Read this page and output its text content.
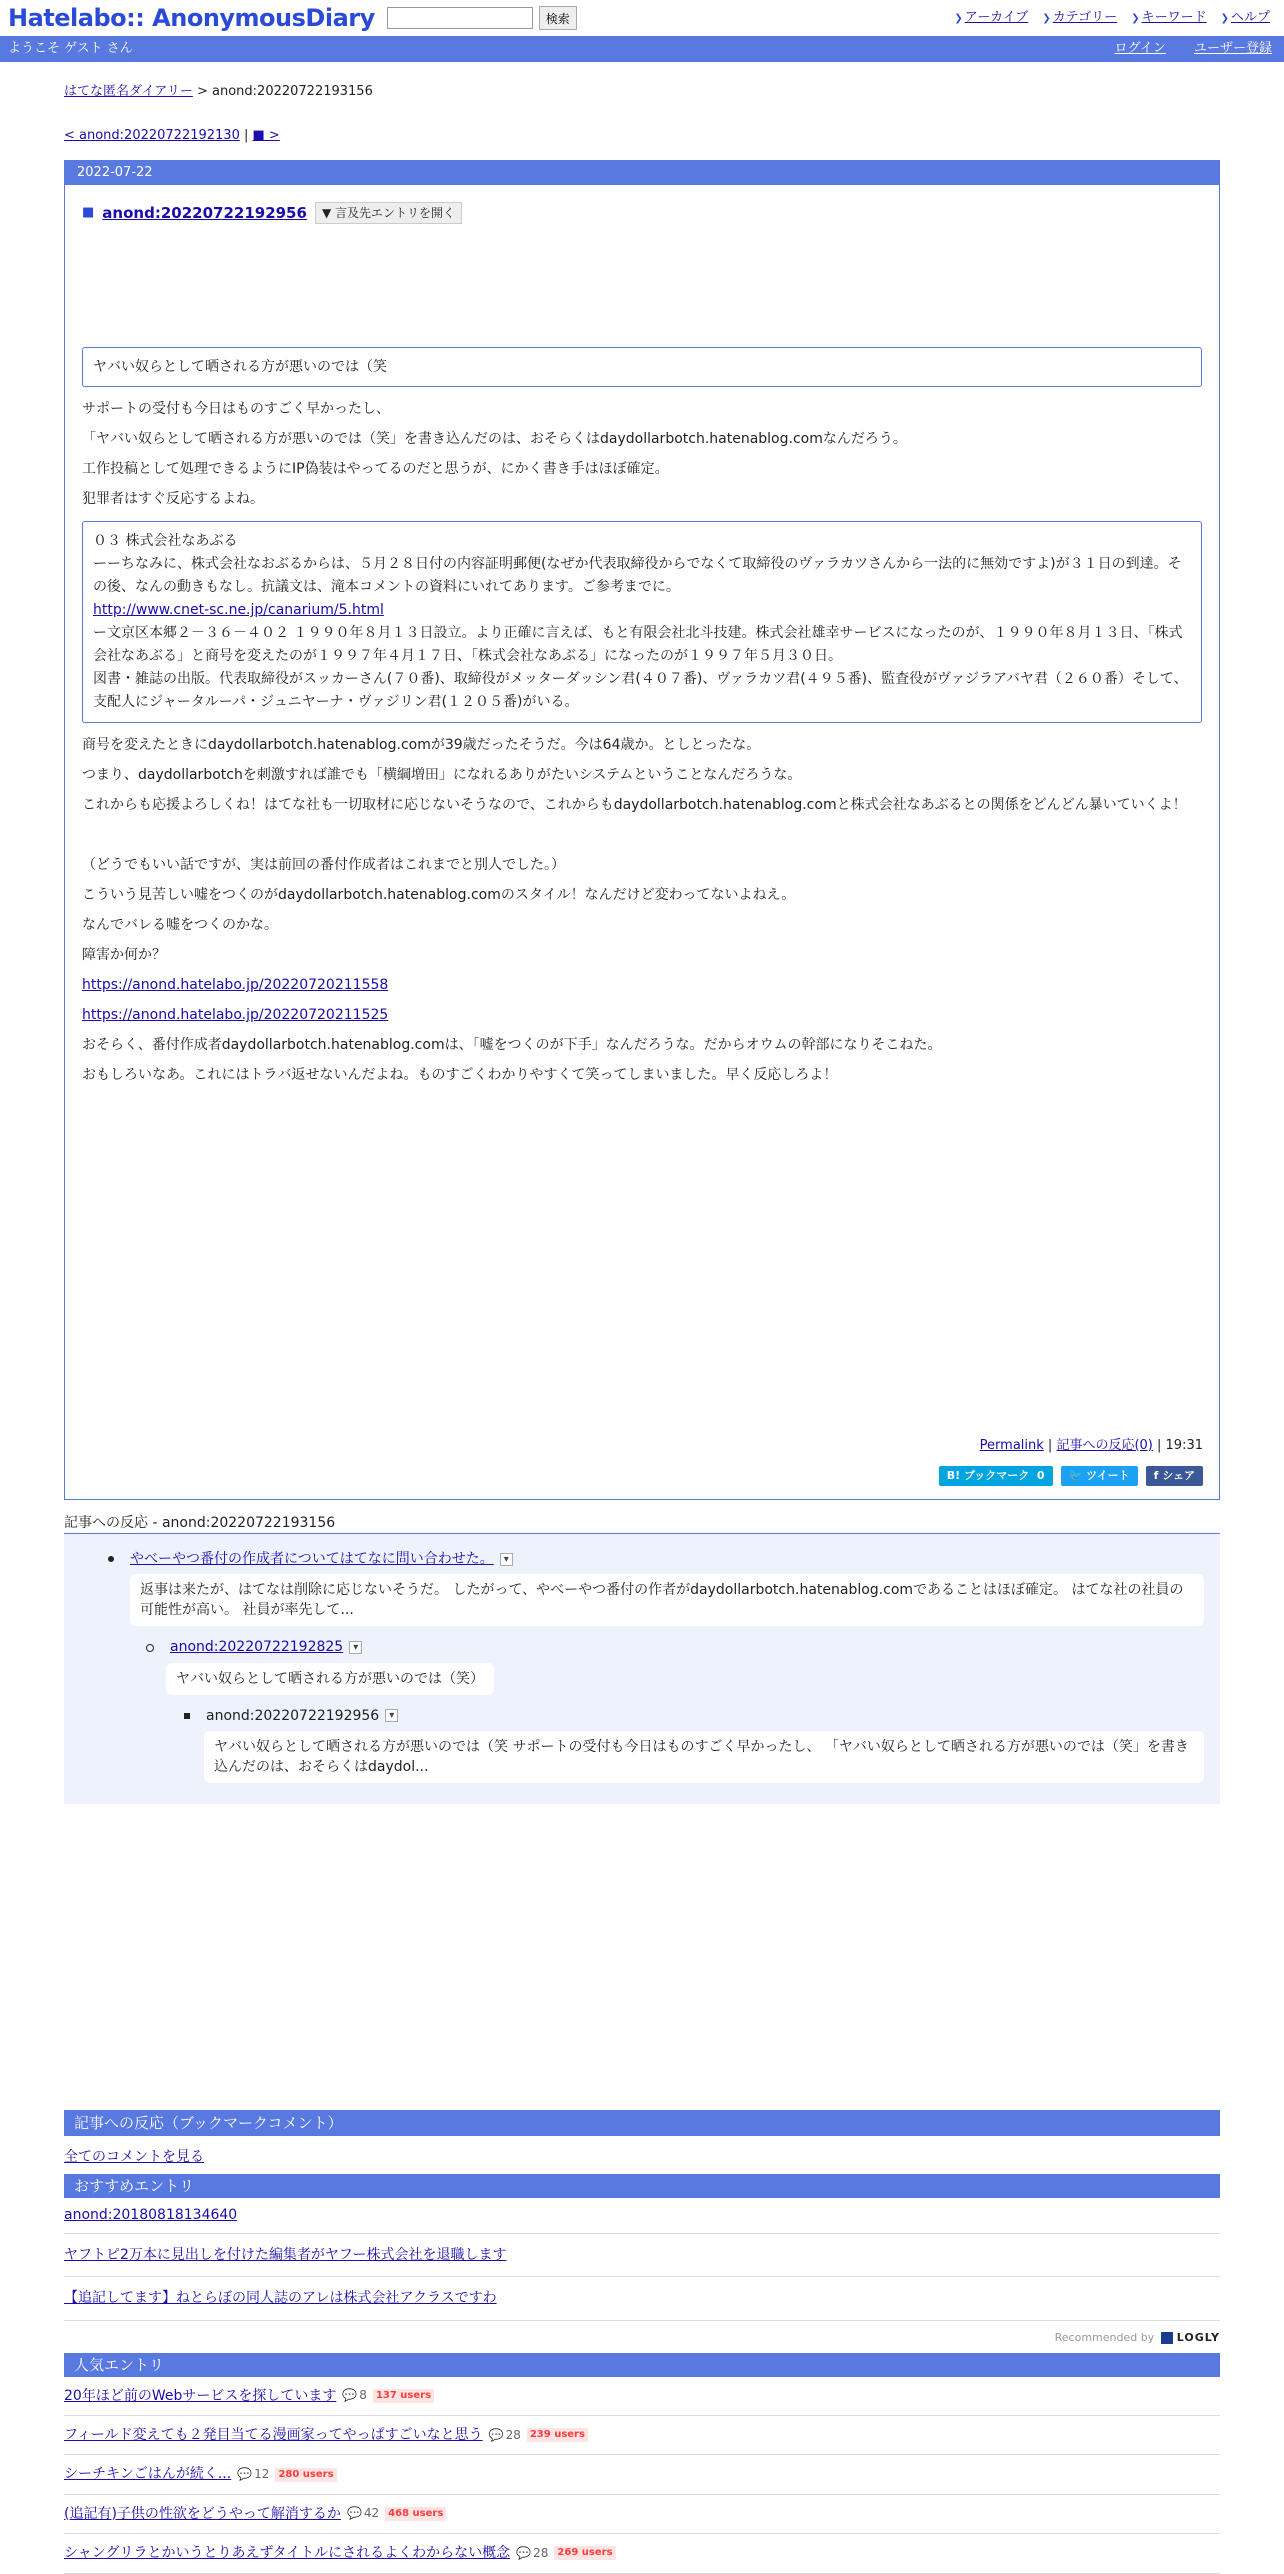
Hatelabo:: AnonymousDiary	検索	❯ アーカイブ ❯ カテゴリー ❯ キーワード ❯ ヘルプ
ようこそ ゲスト さん	ログイン ユーザー登録
はてな匿名ダイアリー > anond:20220722193156
< anond:20220722192130 | ■ >
2022-07-22
■ anond:20220722192956	▼ 言及先エントリを開く
ヤバい奴らとして晒される方が悪いのでは（笑

サポートの受付も今日はものすごく早かったし、

「ヤバい奴らとして晒される方が悪いのでは（笑」を書き込んだのは、おそらくはdaydollarbotch.hatenablog.comなんだろう。

工作投稿として処理できるようにIP偽装はやってるのだと思うが、にかく書き手はほぼ確定。

犯罪者はすぐ反応するよね。

０３ 株式会社なあぶる
ーーちなみに、株式会社なおぶるからは、５月２８日付の内容証明郵便(なぜか代表取締役からでなくて取締役のヴァラカツさんから一法的に無効ですよ)が３１日の到達。その後、なんの動きもなし。抗議文は、滝本コメントの資料にいれてあります。ご参考までに。
http://www.cnet-sc.ne.jp/canarium/5.html
ー文京区本郷２－３６－４０２ １９９０年８月１３日設立。より正確に言えば、もと有限会社北斗技建。株式会社雄幸サービスになったのが、１９９０年８月１３日、「株式会社なあぶる」と商号を変えたのが１９９７年４月１７日、「株式会社なあぶる」になったのが１９９７年５月３０日。
図書・雑誌の出版。代表取締役がスッカーさん(７０番)、取締役がメッターダッシン君(４０７番)、ヴァラカツ君(４９５番)、監査役がヴァジラアバヤ君（２６０番）そして、支配人にジャータルーパ・ジュニヤーナ・ヴァジリン君(１２０５番)がいる。

商号を変えたときにdaydollarbotch.hatenablog.comが39歳だったそうだ。今は64歳か。としとったな。

つまり、daydollarbotchを刺激すれば誰でも「横綱増田」になれるありがたいシステムということなんだろうな。

これからも応援よろしくね！はてな社も一切取材に応じないそうなので、これからもdaydollarbotch.hatenablog.comと株式会社なあぶるとの関係をどんどん暴いていくよ！

（どうでもいい話ですが、実は前回の番付作成者はこれまでと別人でした。）

こういう見苦しい嘘をつくのがdaydollarbotch.hatenablog.comのスタイル！なんだけど変わってないよねえ。

なんでバレる嘘をつくのかな。

障害か何か？

https://anond.hatelabo.jp/20220720211558

https://anond.hatelabo.jp/20220720211525

おそらく、番付作成者daydollarbotch.hatenablog.comは、「嘘をつくのが下手」なんだろうな。だからオウムの幹部になりそこねた。

おもしろいなあ。これにはトラバ返せないんだよね。ものすごくわかりやすくて笑ってしまいました。早く反応しろよ！

Permalink | 記事への反応(0) | 19:31
B! ブックマーク 0	🐦 ツイート	f シェア
記事への反応 - anond:20220722193156
やべーやつ番付の作成者についてはてなに問い合わせた。 ▾
返事は来たが、はてなは削除に応じないそうだ。 したがって、やべーやつ番付の作者がdaydollarbotch.hatenablog.comであることはほぼ確定。 はてな社の社員の可能性が高い。 社員が率先して...
anond:20220722192825 ▾
ヤバい奴らとして晒される方が悪いのでは（笑）
anond:20220722192956 ▾
ヤバい奴らとして晒される方が悪いのでは（笑 サポートの受付も今日はものすごく早かったし、 「ヤバい奴らとして晒される方が悪いのでは（笑」を書き込んだのは、おそらくはdaydol...
記事への反応（ブックマークコメント）
全てのコメントを見る
おすすめエントリ
anond:20180818134640
ヤフトピ2万本に見出しを付けた編集者がヤフー株式会社を退職します
【追記してます】ねとらぼの同人誌のアレは株式会社アクラスですわ
Recommended by LOGLY
人気エントリ
20年ほど前のWebサービスを探しています 💬 8 137 users
フィールド変えても２発目当てる漫画家ってやっぱすごいなと思う 💬 28 239 users
シーチキンごはんが続く... 💬 12 280 users
(追記有)子供の性欲をどうやって解消するか 💬 42 468 users
シャングリラとかいうとりあえずタイトルにされるよくわからない概念 💬 28 269 users
